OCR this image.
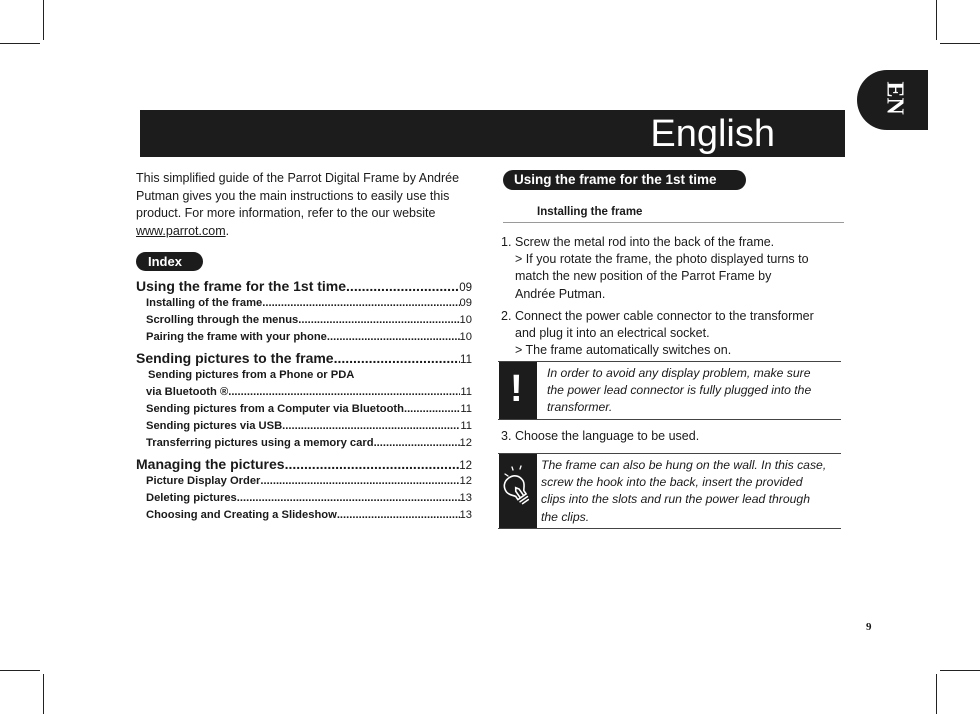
English
EN
This simplified guide of the Parrot Digital Frame by Andrée Putman gives you the main instructions to easily use this product. For more information, refer to the our website www.parrot.com.
Index
Using the frame for the 1st time .....	09
Installing of the frame .....	09
Scrolling through the menus .....	10
Pairing the frame with your phone .....	10
Sending pictures to the frame .....	11
Sending pictures from a Phone or PDA
via Bluetooth ® .....	11
Sending pictures from a Computer via Bluetooth .....	11
Sending pictures via USB .....	11
Transferring pictures using a memory card .....	12
Managing the pictures .....	12
Picture Display Order .....	12
Deleting pictures .....	13
Choosing and Creating a Slideshow .....	13
Using the frame for the 1st time
Installing the frame
1. Screw the metal rod into the back of the frame.
> If you rotate the frame, the photo displayed turns to
match the new position of the Parrot Frame by
Andrée Putman.
2. Connect the power cable connector to the transformer
and plug it into an electrical socket.
> The frame automatically switches on.
! In order to avoid any display problem, make sure
the power lead connector is fully plugged into the
transformer.
3. Choose the language to be used.
The frame can also be hung on the wall. In this case,
screw the hook into the back, insert the provided
clips into the slots and run the power lead through
the clips.
9
